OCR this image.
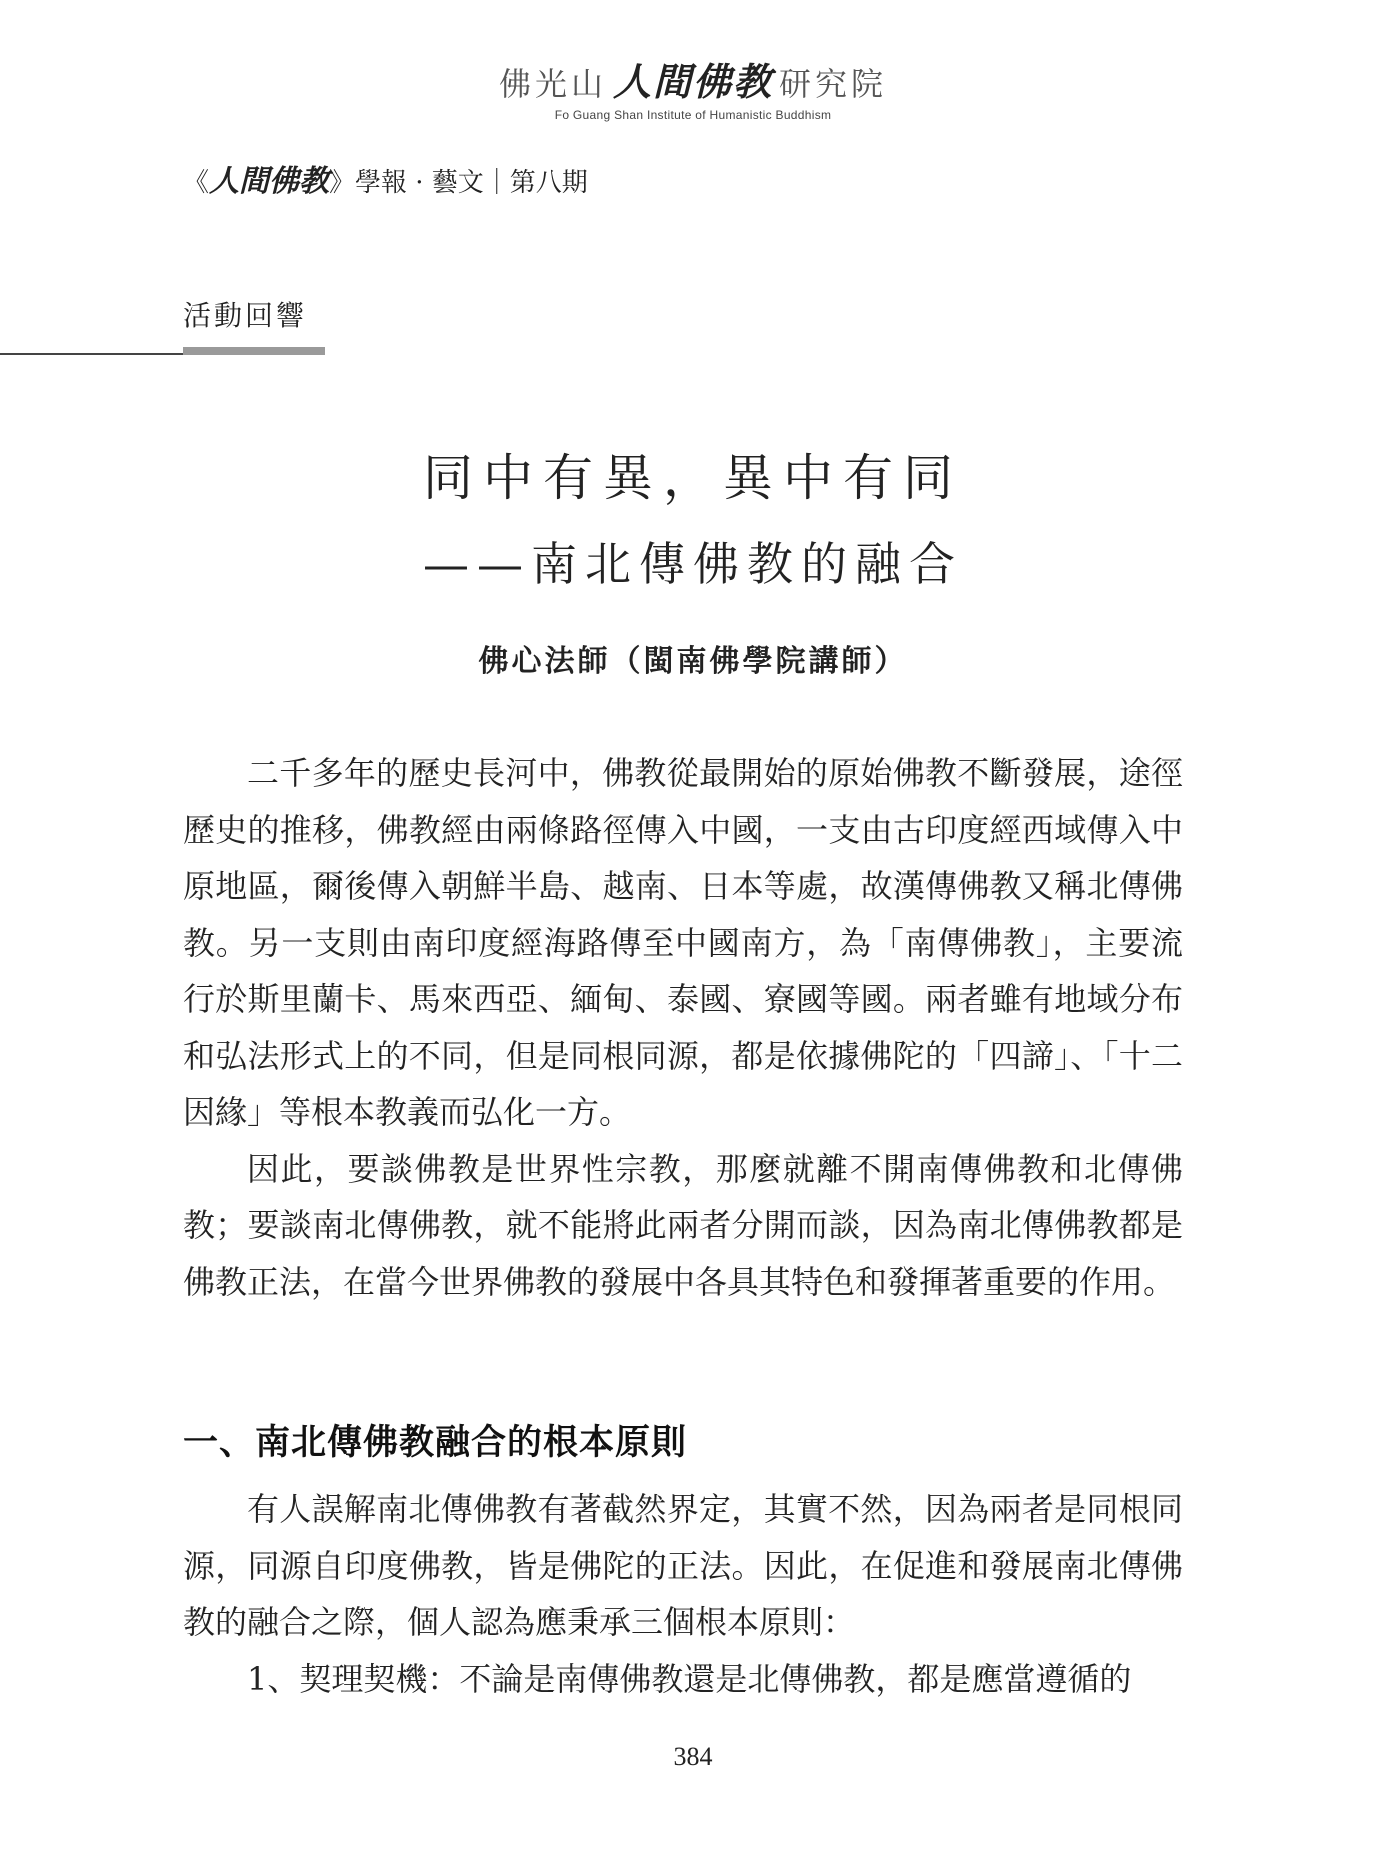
佛光山 人間佛教 研究院
Fo Guang Shan Institute of Humanistic Buddhism
《人間佛教》學報 · 藝文｜第八期
活動回響
同中有異，異中有同
——南北傳佛教的融合
佛心法師（閩南佛學院講師）

二千多年的歷史長河中，佛教從最開始的原始佛教不斷發展，途徑歷史的推移，佛教經由兩條路徑傳入中國，一支由古印度經西域傳入中原地區，爾後傳入朝鮮半島、越南、日本等處，故漢傳佛教又稱北傳佛教。另一支則由南印度經海路傳至中國南方，為「南傳佛教」，主要流行於斯里蘭卡、馬來西亞、緬甸、泰國、寮國等國。兩者雖有地域分布和弘法形式上的不同，但是同根同源，都是依據佛陀的「四諦」、「十二因緣」等根本教義而弘化一方。

因此，要談佛教是世界性宗教，那麼就離不開南傳佛教和北傳佛教；要談南北傳佛教，就不能將此兩者分開而談，因為南北傳佛教都是佛教正法，在當今世界佛教的發展中各具其特色和發揮著重要的作用。

一、南北傳佛教融合的根本原則

有人誤解南北傳佛教有著截然界定，其實不然，因為兩者是同根同源，同源自印度佛教，皆是佛陀的正法。因此，在促進和發展南北傳佛教的融合之際，個人認為應秉承三個根本原則：

1、契理契機：不論是南傳佛教還是北傳佛教，都是應當遵循的

384
